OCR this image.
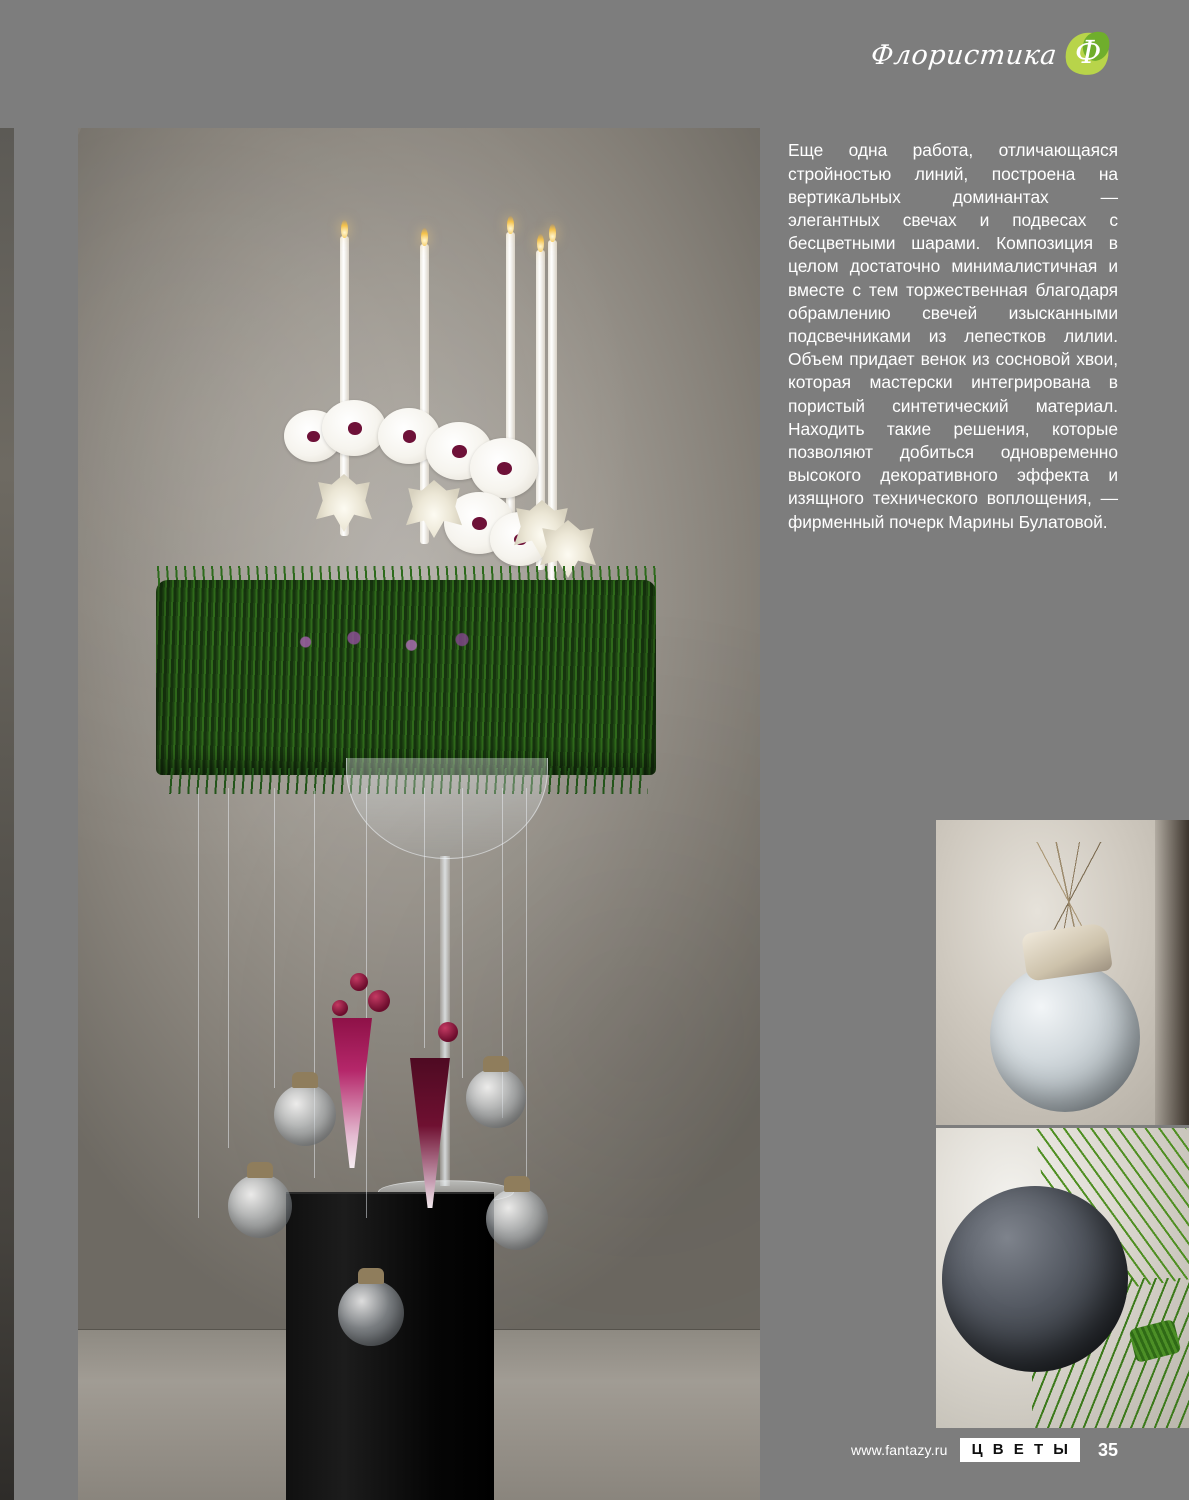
Флористика Ф

Еще одна работа, отличающаяся стройностью линий, построена на вертикальных доминантах — элегантных свечах и подвесах с бесцветными шарами. Композиция в целом достаточно минималистичная и вместе с тем торжественная благодаря обрамлению свечей изысканными подсвечниками из лепестков лилии. Объем придает венок из сосновой хвои, которая мастерски интегрирована в пористый синтетический материал. Находить такие решения, которые позволяют добиться одновременно высокого декоративного эффекта и изящного технического воплощения, — фирменный почерк Марины Булатовой.

www.fantazy.ru	Ц В Е Т Ы	35
